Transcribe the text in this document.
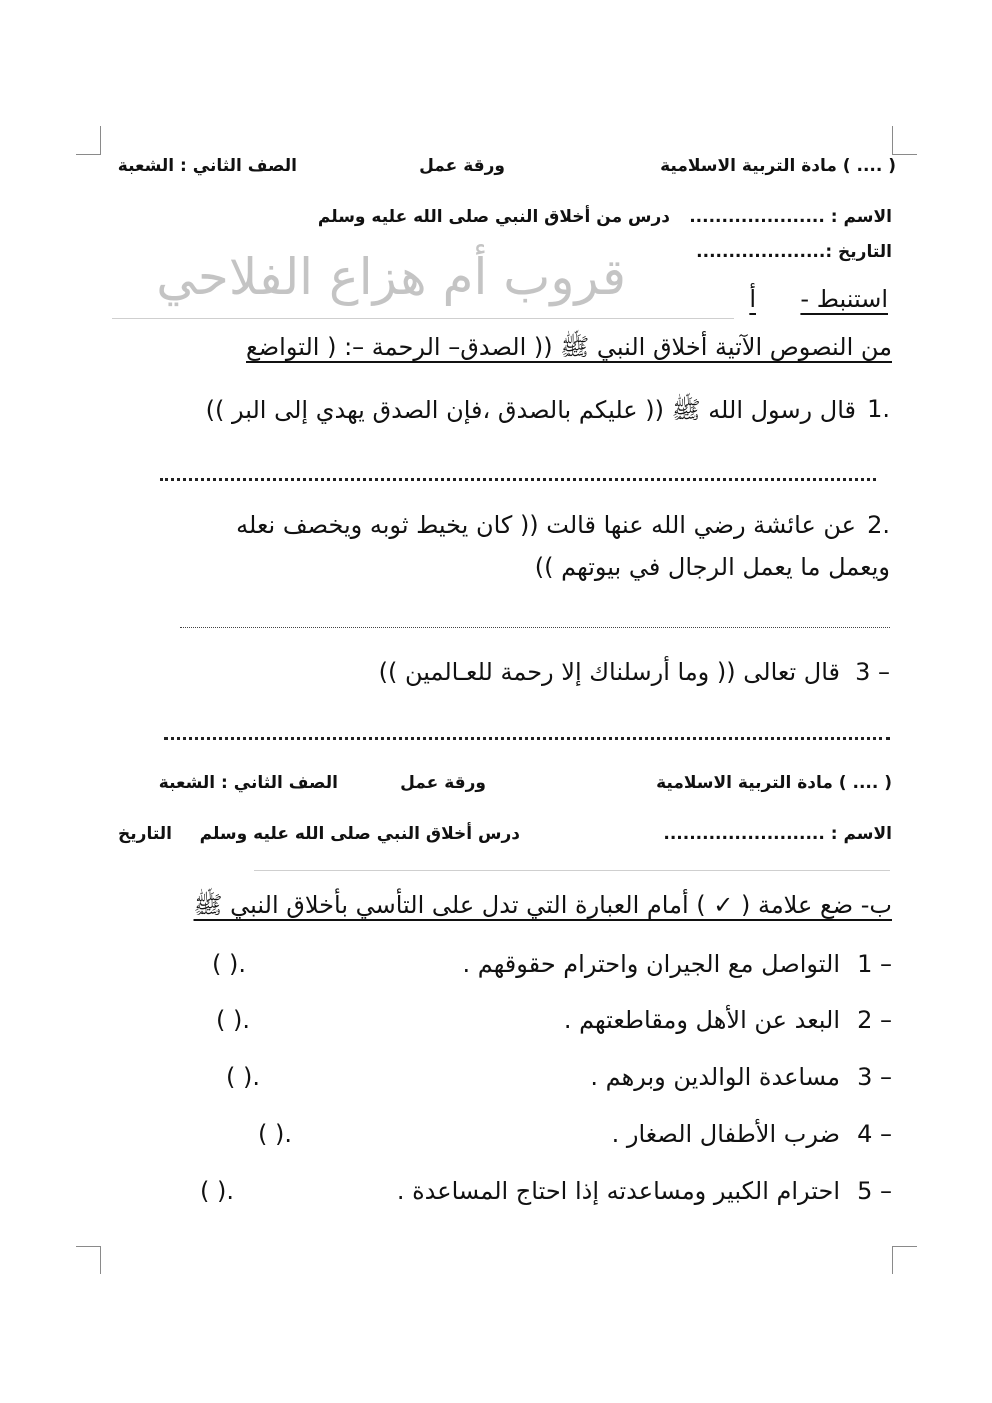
( .... ) مادة التربية الاسلامية
ورقة عمل
الصف الثاني : الشعبة
الاسم : .....................
درس من أخلاق النبي صلى الله عليه وسلم
التاريخ :....................
قروب أم هزاع الفلاحي	استنبط -
أ
من النصوص الآتية أخلاق النبي ﷺ (( الصدق– الرحمة –: ( التواضع
1.
قال رسول الله ﷺ (( عليكم بالصدق ،فإن الصدق يهدي إلى البر ))
2.
عن عائشة رضي الله عنها قالت (( كان يخيط ثوبه ويخصف نعله
ويعمل ما يعمل الرجال في بيوتهم ))
3 –
قال تعالى (( وما أرسلناك إلا رحمة للعـالمين ))
( .... ) مادة التربية الاسلامية
ورقة عمل
الصف الثاني : الشعبة
الاسم : .........................
درس أخلاق النبي صلى الله عليه وسلم
التاريخ
ب- ضع علامة ( ✓ ) أمام العبارة التي تدل على التأسي بأخلاق النبي ﷺ
1 –
التواصل مع الجيران واحترام حقوقهم .
( ).
2 –
البعد عن الأهل ومقاطعتهم .
( ).
3 –
مساعدة الوالدين وبرهم .
( ).
4 –
ضرب الأطفال الصغار .
( ).
5 –
احترام الكبير ومساعدته إذا احتاج المساعدة .
( ).
